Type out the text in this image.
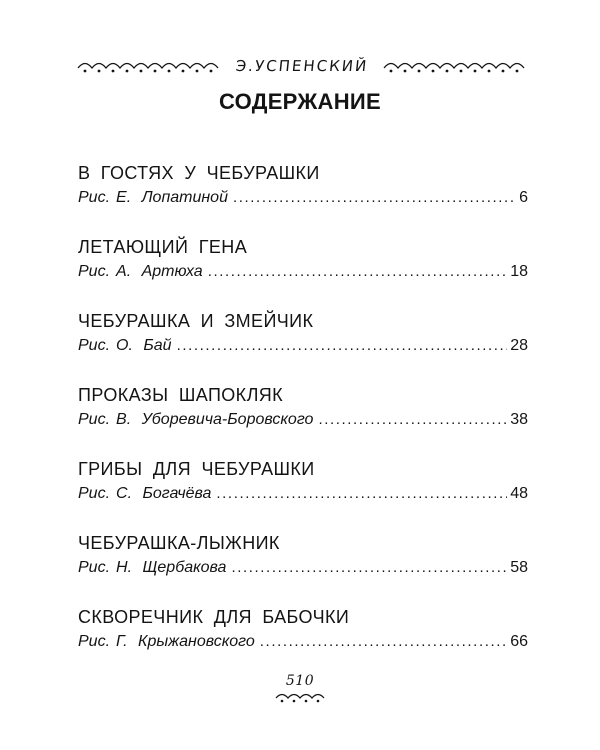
Э.УСПЕНСКИЙ
СОДЕРЖАНИЕ
В ГОСТЯХ У ЧЕБУРАШКИ
Рис. Е. Лопатиной .....	6
ЛЕТАЮЩИЙ ГЕНА
Рис. А. Артюха .....	18
ЧЕБУРАШКА И ЗМЕЙЧИК
Рис. О. Бай .....	28
ПРОКАЗЫ ШАПОКЛЯК
Рис. В. Уборевича-Боровского .....	38
ГРИБЫ ДЛЯ ЧЕБУРАШКИ
Рис. С. Богачёва .....	48
ЧЕБУРАШКА-ЛЫЖНИК
Рис. Н. Щербакова .....	58
СКВОРЕЧНИК ДЛЯ БАБОЧКИ
Рис. Г. Крыжановского .....	66
510
